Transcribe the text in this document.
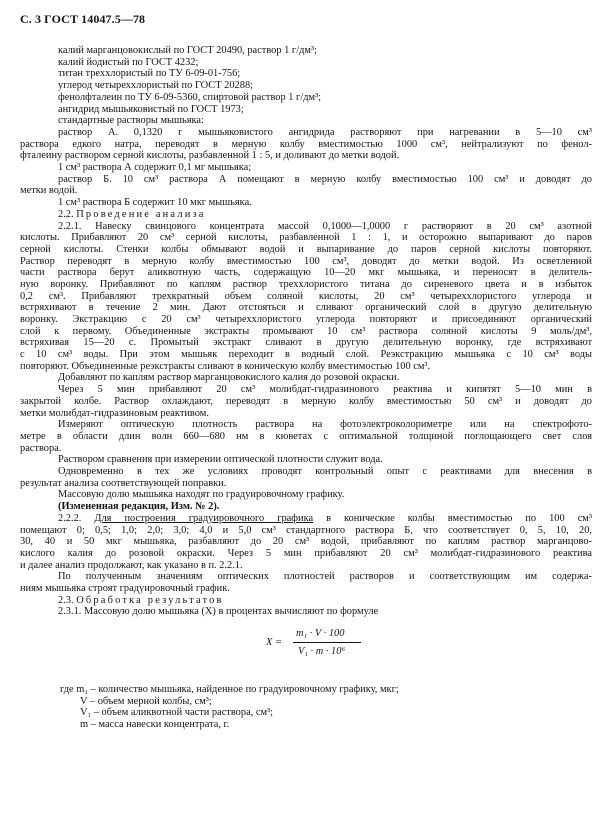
С. 3 ГОСТ 14047.5—78
калий марганцовокислый по ГОСТ 20490, раствор 1 г/дм³;
калий йодистый по ГОСТ 4232;
титан треххлористый по ТУ 6-09-01-756;
углерод четыреххлористый по ГОСТ 20288;
фенолфталеин по ТУ 6-09-5360, спиртовой раствор 1 г/дм³;
ангидрид мышьяковистый по ГОСТ 1973;
стандартные растворы мышьяка:
раствор А. 0,1320 г мышьяковистого ангидрида растворяют при нагревании в 5—10 см³
раствора едкого натра, переводят в мерную колбу вместимостью 1000 см³, нейтрализуют по фенол-
фталеину раствором серной кислоты, разбавленной 1 : 5, и доливают до метки водой.
1 см³ раствора А содержит 0,1 мг мышьяка;
раствор Б. 10 см³ раствора А помещают в мерную колбу вместимостью 100 см³ и доводят до
метки водой.
1 см³ раствора Б содержит 10 мкг мышьяка.
2.2. Проведение анализа
2.2.1. Навеску свинцового концентрата массой 0,1000—1,0000 г растворяют в 20 см³ азотной
кислоты. Прибавляют 20 см³ серной кислоты, разбавленной 1 : 1, и осторожно выпаривают до паров
серной кислоты. Стенки колбы обмывают водой и выпаривание до паров серной кислоты повторяют.
Раствор переводят в мерную колбу вместимостью 100 см³, доводят до метки водой. Из осветленной
части раствора берут аликвотную часть, содержащую 10—20 мкг мышьяка, и переносят в делитель-
ную воронку. Прибавляют по каплям раствор треххлористого титана до сиреневого цвета и в избыток
0,2 см³. Прибавляют трехкратный объем соляной кислоты, 20 см³ четыреххлористого углерода и
встряхивают в течение 2 мин. Дают отстояться и сливают органический слой в другую делительную
воронку. Экстракцию с 20 см³ четыреххлористого углерода повторяют и присоединяют органический
слой к первому. Объединенные экстракты промывают 10 см³ раствора соляной кислоты 9 моль/дм³,
встряхивая 15—20 с. Промытый экстракт сливают в другую делительную воронку, где встряхивают
с 10 см³ воды. При этом мышьяк переходит в водный слой. Реэкстракцию мышьяка с 10 см³ воды
повторяют. Объединенные реэкстракты сливают в коническую колбу вместимостью 100 см³.
Добавляют по каплям раствор марганцовокислого калия до розовой окраски.
Через 5 мин прибавляют 20 см³ молибдат-гидразинового реактива и кипятят 5—10 мин в
закрытой колбе. Раствор охлаждают, переводят в мерную колбу вместимостью 50 см³ и доводят до
метки молибдат-гидразиновым реактивом.
Измеряют оптическую плотность раствора на фотоэлектроколориметре или на спектрофото-
метре в области длин волн 660—680 нм в кюветах с оптимальной толщиной поглощающего свет слоя
раствора.
Раствором сравнения при измерении оптической плотности служит вода.
Одновременно в тех же условиях проводят контрольный опыт с реактивами для внесения в
результат анализа соответствующей поправки.
Массовую долю мышьяка находят по градуировочному графику.
(Измененная редакция, Изм. № 2).
2.2.2. Для построения градуировочного графика в конические колбы вместимостью по 100 см³
помещают 0; 0,5; 1,0; 2,0; 3,0; 4,0 и 5,0 см³ стандартного раствора Б, что соответствует 0, 5, 10, 20,
30, 40 и 50 мкг мышьяка, разбавляют до 20 см³ водой, прибавляют по каплям раствор марганцово-
кислого калия до розовой окраски. Через 5 мин прибавляют 20 см³ молибдат-гидразинового реактива
и далее анализ продолжают, как указано в п. 2.2.1.
По полученным значениям оптических плотностей растворов и соответствующим им содержа-
ниям мышьяка строят градуировочный график.
2.3. Обработка результатов
2.3.1. Массовую долю мышьяка (X) в процентах вычисляют по формуле
X =
m₁ · V · 100
V₁ · m · 10⁶
где m₁ – количество мышьяка, найденное по градуировочному графику, мкг;
V – объем мерной колбы, см³;
V₁ – объем аликвотной части раствора, см³;
m – масса навески концентрата, г.
